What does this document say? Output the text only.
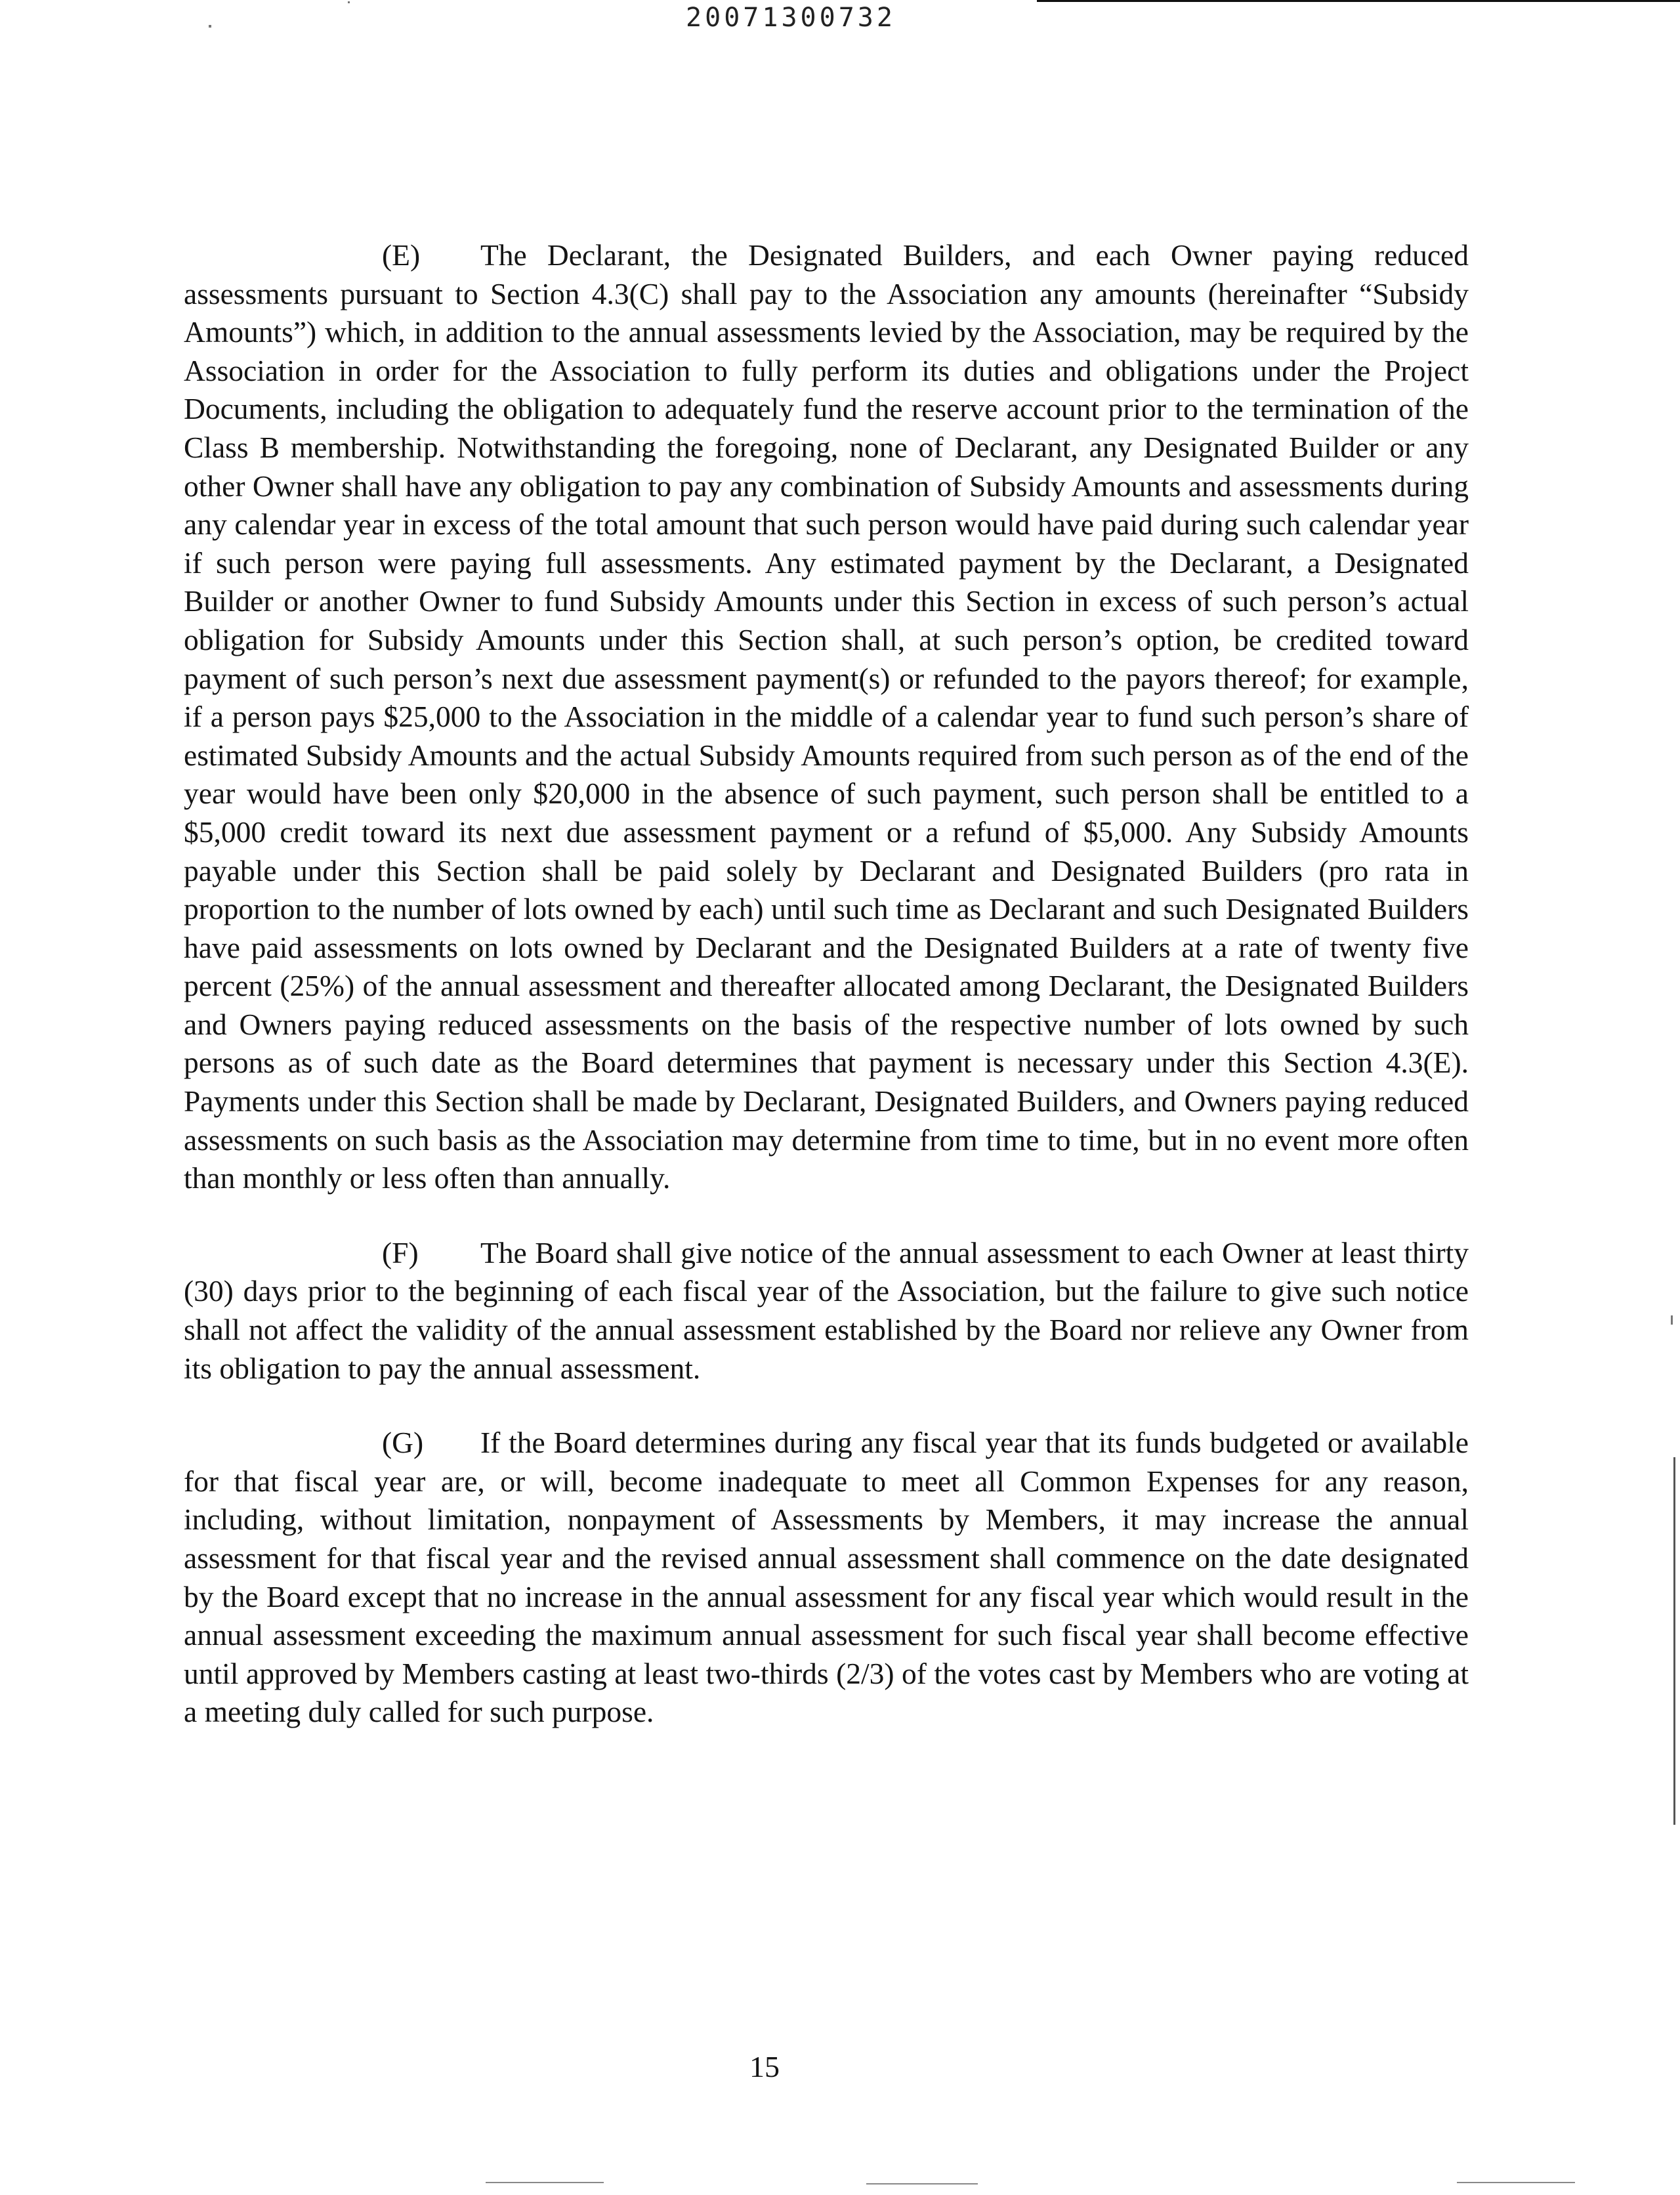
20071300732

(E) The Declarant, the Designated Builders, and each Owner paying reduced assessments pursuant to Section 4.3(C) shall pay to the Association any amounts (hereinafter “Subsidy Amounts”) which, in addition to the annual assessments levied by the Association, may be required by the Association in order for the Association to fully perform its duties and obligations under the Project Documents, including the obligation to adequately fund the reserve account prior to the termination of the Class B membership. Notwithstanding the foregoing, none of Declarant, any Designated Builder or any other Owner shall have any obligation to pay any combination of Subsidy Amounts and assessments during any calendar year in excess of the total amount that such person would have paid during such calendar year if such person were paying full assessments. Any estimated payment by the Declarant, a Designated Builder or another Owner to fund Subsidy Amounts under this Section in excess of such person’s actual obligation for Subsidy Amounts under this Section shall, at such person’s option, be credited toward payment of such person’s next due assessment payment(s) or refunded to the payors thereof; for example, if a person pays $25,000 to the Association in the middle of a calendar year to fund such person’s share of estimated Subsidy Amounts and the actual Subsidy Amounts required from such person as of the end of the year would have been only $20,000 in the absence of such payment, such person shall be entitled to a $5,000 credit toward its next due assessment payment or a refund of $5,000. Any Subsidy Amounts payable under this Section shall be paid solely by Declarant and Designated Builders (pro rata in proportion to the number of lots owned by each) until such time as Declarant and such Designated Builders have paid assessments on lots owned by Declarant and the Designated Builders at a rate of twenty five percent (25%) of the annual assessment and thereafter allocated among Declarant, the Designated Builders and Owners paying reduced assessments on the basis of the respective number of lots owned by such persons as of such date as the Board determines that payment is necessary under this Section 4.3(E). Payments under this Section shall be made by Declarant, Designated Builders, and Owners paying reduced assessments on such basis as the Association may determine from time to time, but in no event more often than monthly or less often than annually.

(F) The Board shall give notice of the annual assessment to each Owner at least thirty (30) days prior to the beginning of each fiscal year of the Association, but the failure to give such notice shall not affect the validity of the annual assessment established by the Board nor relieve any Owner from its obligation to pay the annual assessment.

(G) If the Board determines during any fiscal year that its funds budgeted or available for that fiscal year are, or will, become inadequate to meet all Common Expenses for any reason, including, without limitation, nonpayment of Assessments by Members, it may increase the annual assessment for that fiscal year and the revised annual assessment shall commence on the date designated by the Board except that no increase in the annual assessment for any fiscal year which would result in the annual assessment exceeding the maximum annual assessment for such fiscal year shall become effective until approved by Members casting at least two-thirds (2/3) of the votes cast by Members who are voting at a meeting duly called for such purpose.

15
